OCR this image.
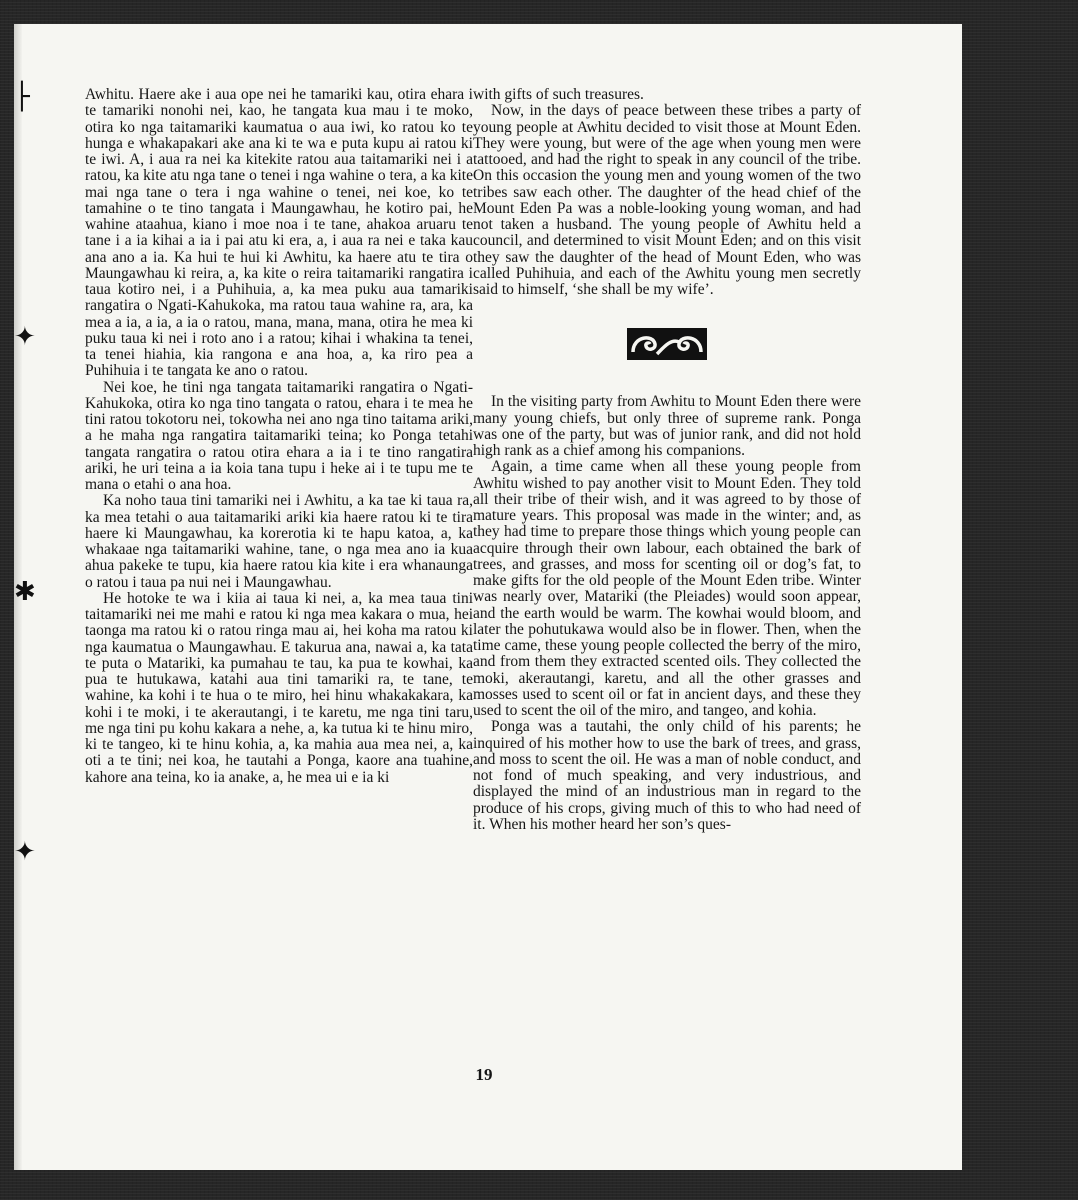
├
✦
✱
✦

Awhitu. Haere ake i aua ope nei he tamariki kau, otira ehara i te tamariki nonohi nei, kao, he tangata kua mau i te moko, otira ko nga taitamariki kaumatua o aua iwi, ko ratou ko te hunga e whakapakari ake ana ki te wa e puta kupu ai ratou ki te iwi. A, i aua ra nei ka kitekite ratou aua taitamariki nei i a ratou, ka kite atu nga tane o tenei i nga wahine o tera, a ka kite mai nga tane o tera i nga wahine o tenei, nei koe, ko te tamahine o te tino tangata i Maungawhau, he kotiro pai, he wahine ataahua, kiano i moe noa i te tane, ahakoa aruaru te tane i a ia kihai a ia i pai atu ki era, a, i aua ra nei e taka kau ana ano a ia. Ka hui te hui ki Awhitu, ka haere atu te tira o Maungawhau ki reira, a, ka kite o reira taitamariki rangatira i taua kotiro nei, i a Puhihuia, a, ka mea puku aua tamariki rangatira o Ngati-Kahukoka, ma ratou taua wahine ra, ara, ka mea a ia, a ia, a ia o ratou, mana, mana, mana, otira he mea ki puku taua ki nei i roto ano i a ratou; kihai i whakina ta tenei, ta tenei hiahia, kia rangona e ana hoa, a, ka riro pea a Puhihuia i te tangata ke ano o ratou.

Nei koe, he tini nga tangata taitamariki rangatira o Ngati-Kahukoka, otira ko nga tino tangata o ratou, ehara i te mea he tini ratou tokotoru nei, tokowha nei ano nga tino taitama ariki, a he maha nga rangatira taitamariki teina; ko Ponga tetahi tangata rangatira o ratou otira ehara a ia i te tino rangatira ariki, he uri teina a ia koia tana tupu i heke ai i te tupu me te mana o etahi o ana hoa.

Ka noho taua tini tamariki nei i Awhitu, a ka tae ki taua ra, ka mea tetahi o aua taitamariki ariki kia haere ratou ki te tira haere ki Maungawhau, ka korerotia ki te hapu katoa, a, ka whakaae nga taitamariki wahine, tane, o nga mea ano ia kua ahua pakeke te tupu, kia haere ratou kia kite i era whanaunga o ratou i taua pa nui nei i Maungawhau.

He hotoke te wa i kiia ai taua ki nei, a, ka mea taua tini taitamariki nei me mahi e ratou ki nga mea kakara o mua, hei taonga ma ratou ki o ratou ringa mau ai, hei koha ma ratou ki nga kaumatua o Maungawhau. E takurua ana, nawai a, ka tata te puta o Matariki, ka pumahau te tau, ka pua te kowhai, ka pua te hutukawa, katahi aua tini tamariki ra, te tane, te wahine, ka kohi i te hua o te miro, hei hinu whakakakara, ka kohi i te moki, i te akerautangi, i te karetu, me nga tini taru, me nga tini pu kohu kakara a nehe, a, ka tutua ki te hinu miro, ki te tangeo, ki te hinu kohia, a, ka mahia aua mea nei, a, ka oti a te tini; nei koa, he tautahi a Ponga, kaore ana tuahine, kahore ana teina, ko ia anake, a, he mea ui e ia ki

with gifts of such treasures.

Now, in the days of peace between these tribes a party of young people at Awhitu decided to visit those at Mount Eden. They were young, but were of the age when young men were tattooed, and had the right to speak in any council of the tribe. On this occasion the young men and young women of the two tribes saw each other. The daughter of the head chief of the Mount Eden Pa was a noble-looking young woman, and had not taken a husband. The young people of Awhitu held a council, and determined to visit Mount Eden; and on this visit they saw the daughter of the head of Mount Eden, who was called Puhihuia, and each of the Awhitu young men secretly said to himself, ‘she shall be my wife’.

In the visiting party from Awhitu to Mount Eden there were many young chiefs, but only three of supreme rank. Ponga was one of the party, but was of junior rank, and did not hold high rank as a chief among his companions.

Again, a time came when all these young people from Awhitu wished to pay another visit to Mount Eden. They told all their tribe of their wish, and it was agreed to by those of mature years. This proposal was made in the winter; and, as they had time to prepare those things which young people can acquire through their own labour, each obtained the bark of trees, and grasses, and moss for scenting oil or dog’s fat, to make gifts for the old people of the Mount Eden tribe. Winter was nearly over, Matariki (the Pleiades) would soon appear, and the earth would be warm. The kowhai would bloom, and later the pohutukawa would also be in flower. Then, when the time came, these young people collected the berry of the miro, and from them they extracted scented oils. They collected the moki, akerautangi, karetu, and all the other grasses and mosses used to scent oil or fat in ancient days, and these they used to scent the oil of the miro, and tangeo, and kohia.

Ponga was a tautahi, the only child of his parents; he inquired of his mother how to use the bark of trees, and grass, and moss to scent the oil. He was a man of noble conduct, and not fond of much speaking, and very industrious, and displayed the mind of an industrious man in regard to the produce of his crops, giving much of this to who had need of it. When his mother heard her son’s ques-

19
